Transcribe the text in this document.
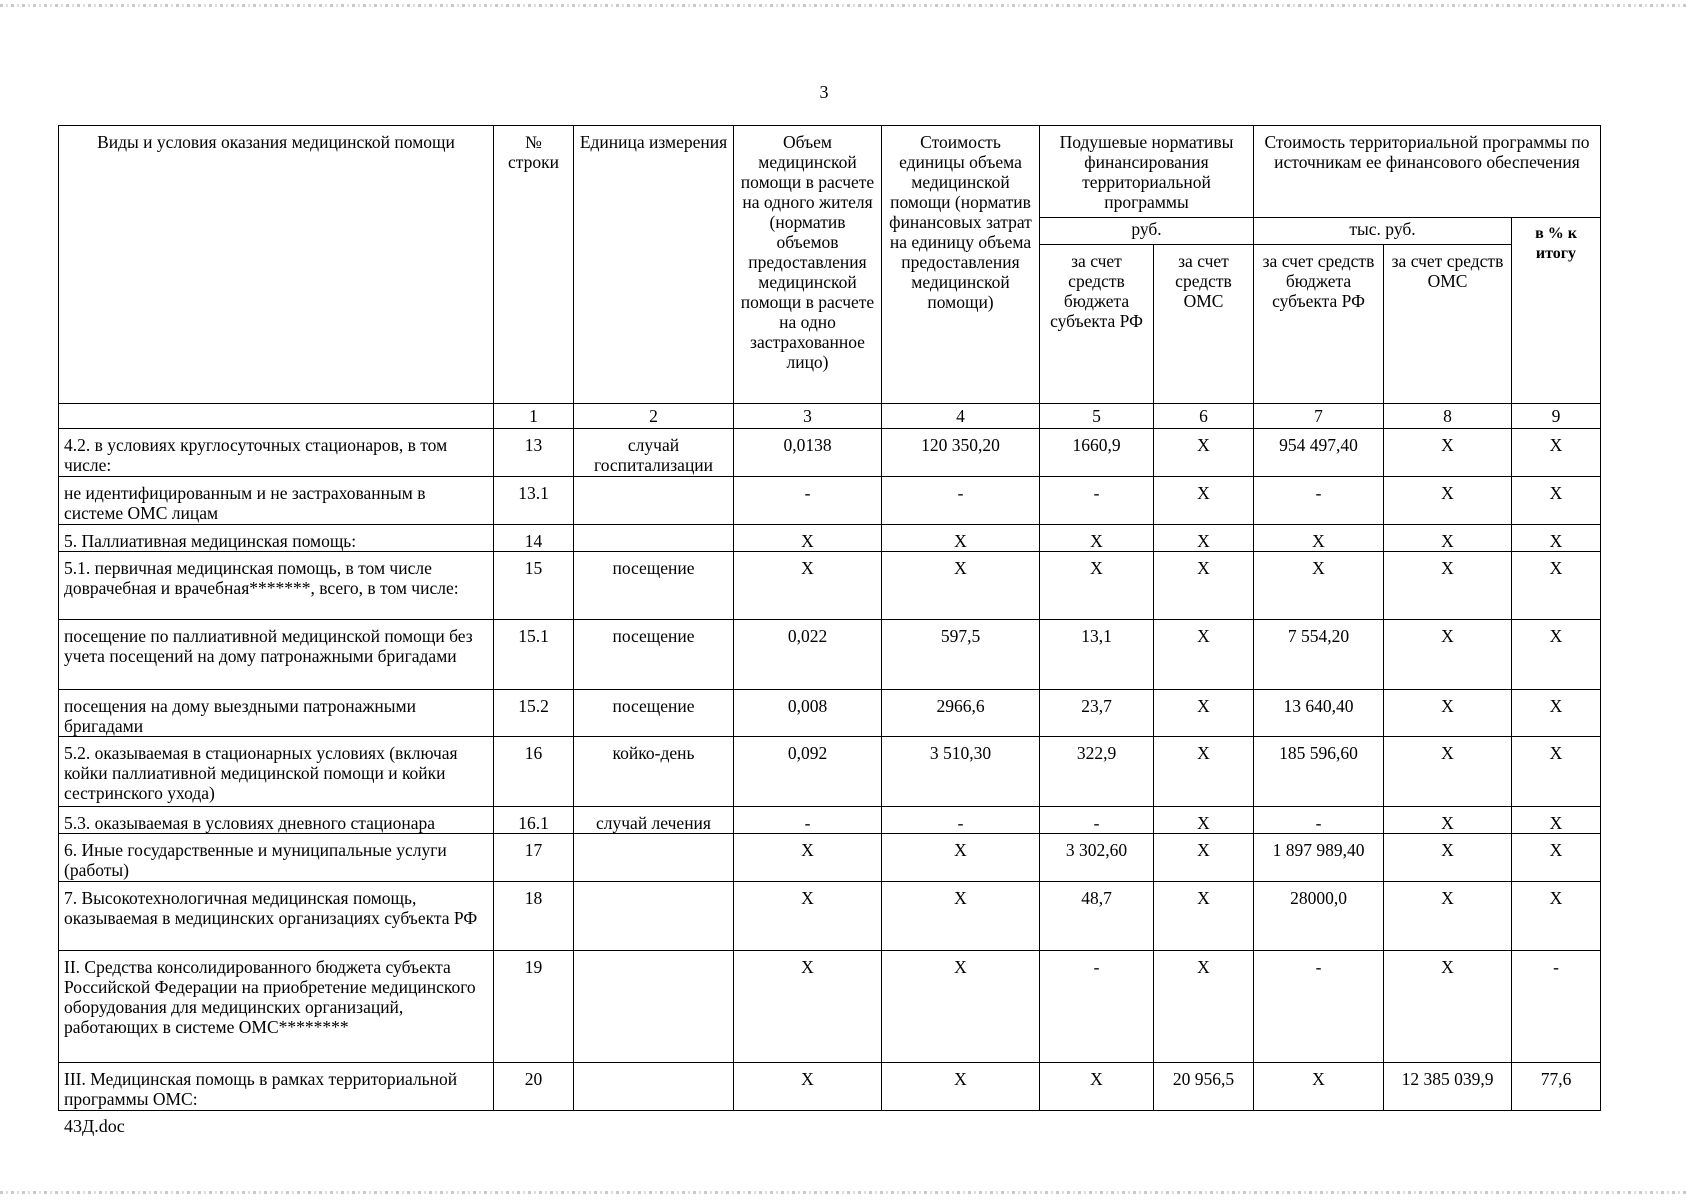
3
Виды и условия оказания медицинской помощи	№ строки	Единица измерения	Объем медицинской помощи в расчете на одного жителя (норматив объемов предоставления медицинской помощи в расчете на одно застрахованное лицо)	Стоимость единицы объема медицинской помощи (норматив финансовых затрат на единицу объема предоставления медицинской помощи)	Подушевые нормативы финансирования территориальной программы		Стоимость территориальной программы по источникам ее финансового обеспечения		
					руб.		тыс. руб.		в % к итогу
					за счет средств бюджета субъекта РФ	за счет средств ОМС	за счет средств бюджета субъекта РФ	за счет средств ОМС	
	1	2	3	4	5	6	7	8	9
4.2. в условиях круглосуточных стационаров, в том числе:	13	случай госпитализации	0,0138	120 350,20	1660,9	Х	954 497,40	Х	Х
не идентифицированным и не застрахованным в системе ОМС лицам	13.1		-	-	-	Х	-	Х	Х
5. Паллиативная медицинская помощь:	14		Х	Х	Х	Х	Х	Х	Х
5.1. первичная медицинская помощь, в том числе доврачебная и врачебная*******, всего, в том числе:	15	посещение	Х	Х	Х	Х	Х	Х	Х
посещение по паллиативной медицинской помощи без учета посещений на дому патронажными бригадами	15.1	посещение	0,022	597,5	13,1	Х	7 554,20	Х	Х
посещения на дому выездными патронажными бригадами	15.2	посещение	0,008	2966,6	23,7	Х	13 640,40	Х	Х
5.2. оказываемая в стационарных условиях (включая койки паллиативной медицинской помощи и койки сестринского ухода)	16	койко-день	0,092	3 510,30	322,9	Х	185 596,60	Х	Х
5.3. оказываемая в условиях дневного стационара	16.1	случай лечения	-	-	-	Х	-	Х	Х
6. Иные государственные и муниципальные услуги (работы)	17		Х	Х	3 302,60	Х	1 897 989,40	Х	Х
7. Высокотехнологичная медицинская помощь, оказываемая в медицинских организациях субъекта РФ	18		Х	Х	48,7	Х	28000,0	Х	Х
II. Средства консолидированного бюджета субъекта Российской Федерации на приобретение медицинского оборудования для медицинских организаций, работающих в системе ОМС********	19		Х	Х	-	Х	-	Х	-
III. Медицинская помощь в рамках территориальной программы ОМС:	20		Х	Х	Х	20 956,5	Х	12 385 039,9	77,6
43Д.doc
